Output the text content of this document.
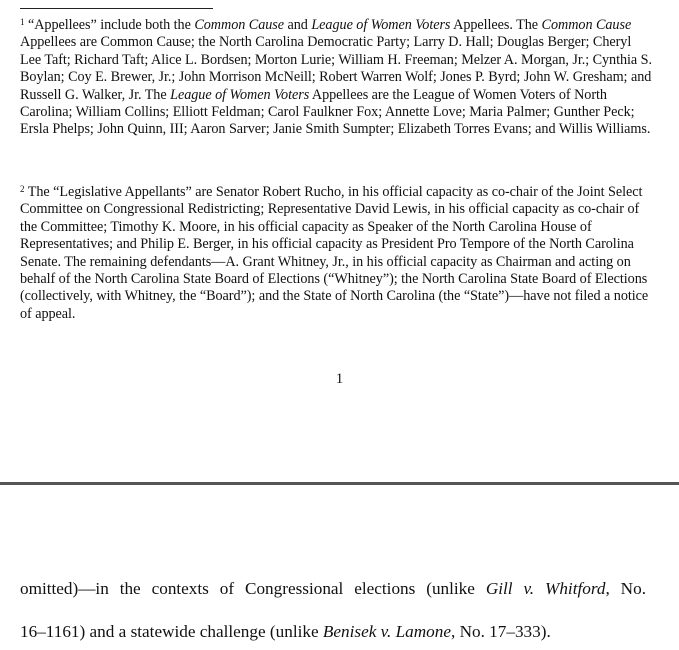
$^1$ “Appellees” include both the Common Cause and League of Women Voters Appellees. The Common Cause Appellees are Common Cause; the North Carolina Democratic Party; Larry D. Hall; Douglas Berger; Cheryl Lee Taft; Richard Taft; Alice L. Bordsen; Morton Lurie; William H. Freeman; Melzer A. Morgan, Jr.; Cynthia S. Boylan; Coy E. Brewer, Jr.; John Morrison McNeill; Robert Warren Wolf; Jones P. Byrd; John W. Gresham; and Russell G. Walker, Jr. The League of Women Voters Appellees are the League of Women Voters of North Carolina; William Collins; Elliott Feldman; Carol Faulkner Fox; Annette Love; Maria Palmer; Gunther Peck; Ersla Phelps; John Quinn, III; Aaron Sarver; Janie Smith Sumpter; Elizabeth Torres Evans; and Willis Williams.

$^2$ The “Legislative Appellants” are Senator Robert Rucho, in his official capacity as co-chair of the Joint Select Committee on Congressional Redistricting; Representative David Lewis, in his official capacity as co-chair of the Committee; Timothy K. Moore, in his official capacity as Speaker of the North Carolina House of Representatives; and Philip E. Berger, in his official capacity as President Pro Tempore of the North Carolina Senate. The remaining defendants—A. Grant Whitney, Jr., in his official capacity as Chairman and acting on behalf of the North Carolina State Board of Elections (“Whitney”); the North Carolina State Board of Elections (collectively, with Whitney, the “Board”); and the State of North Carolina (the “State”)—have not filed a notice of appeal.

1
omitted)—in the contexts of Congressional elections (unlike Gill v. Whitford, No.
16–1161) and a statewide challenge (unlike Benisek v. Lamone, No. 17–333).
